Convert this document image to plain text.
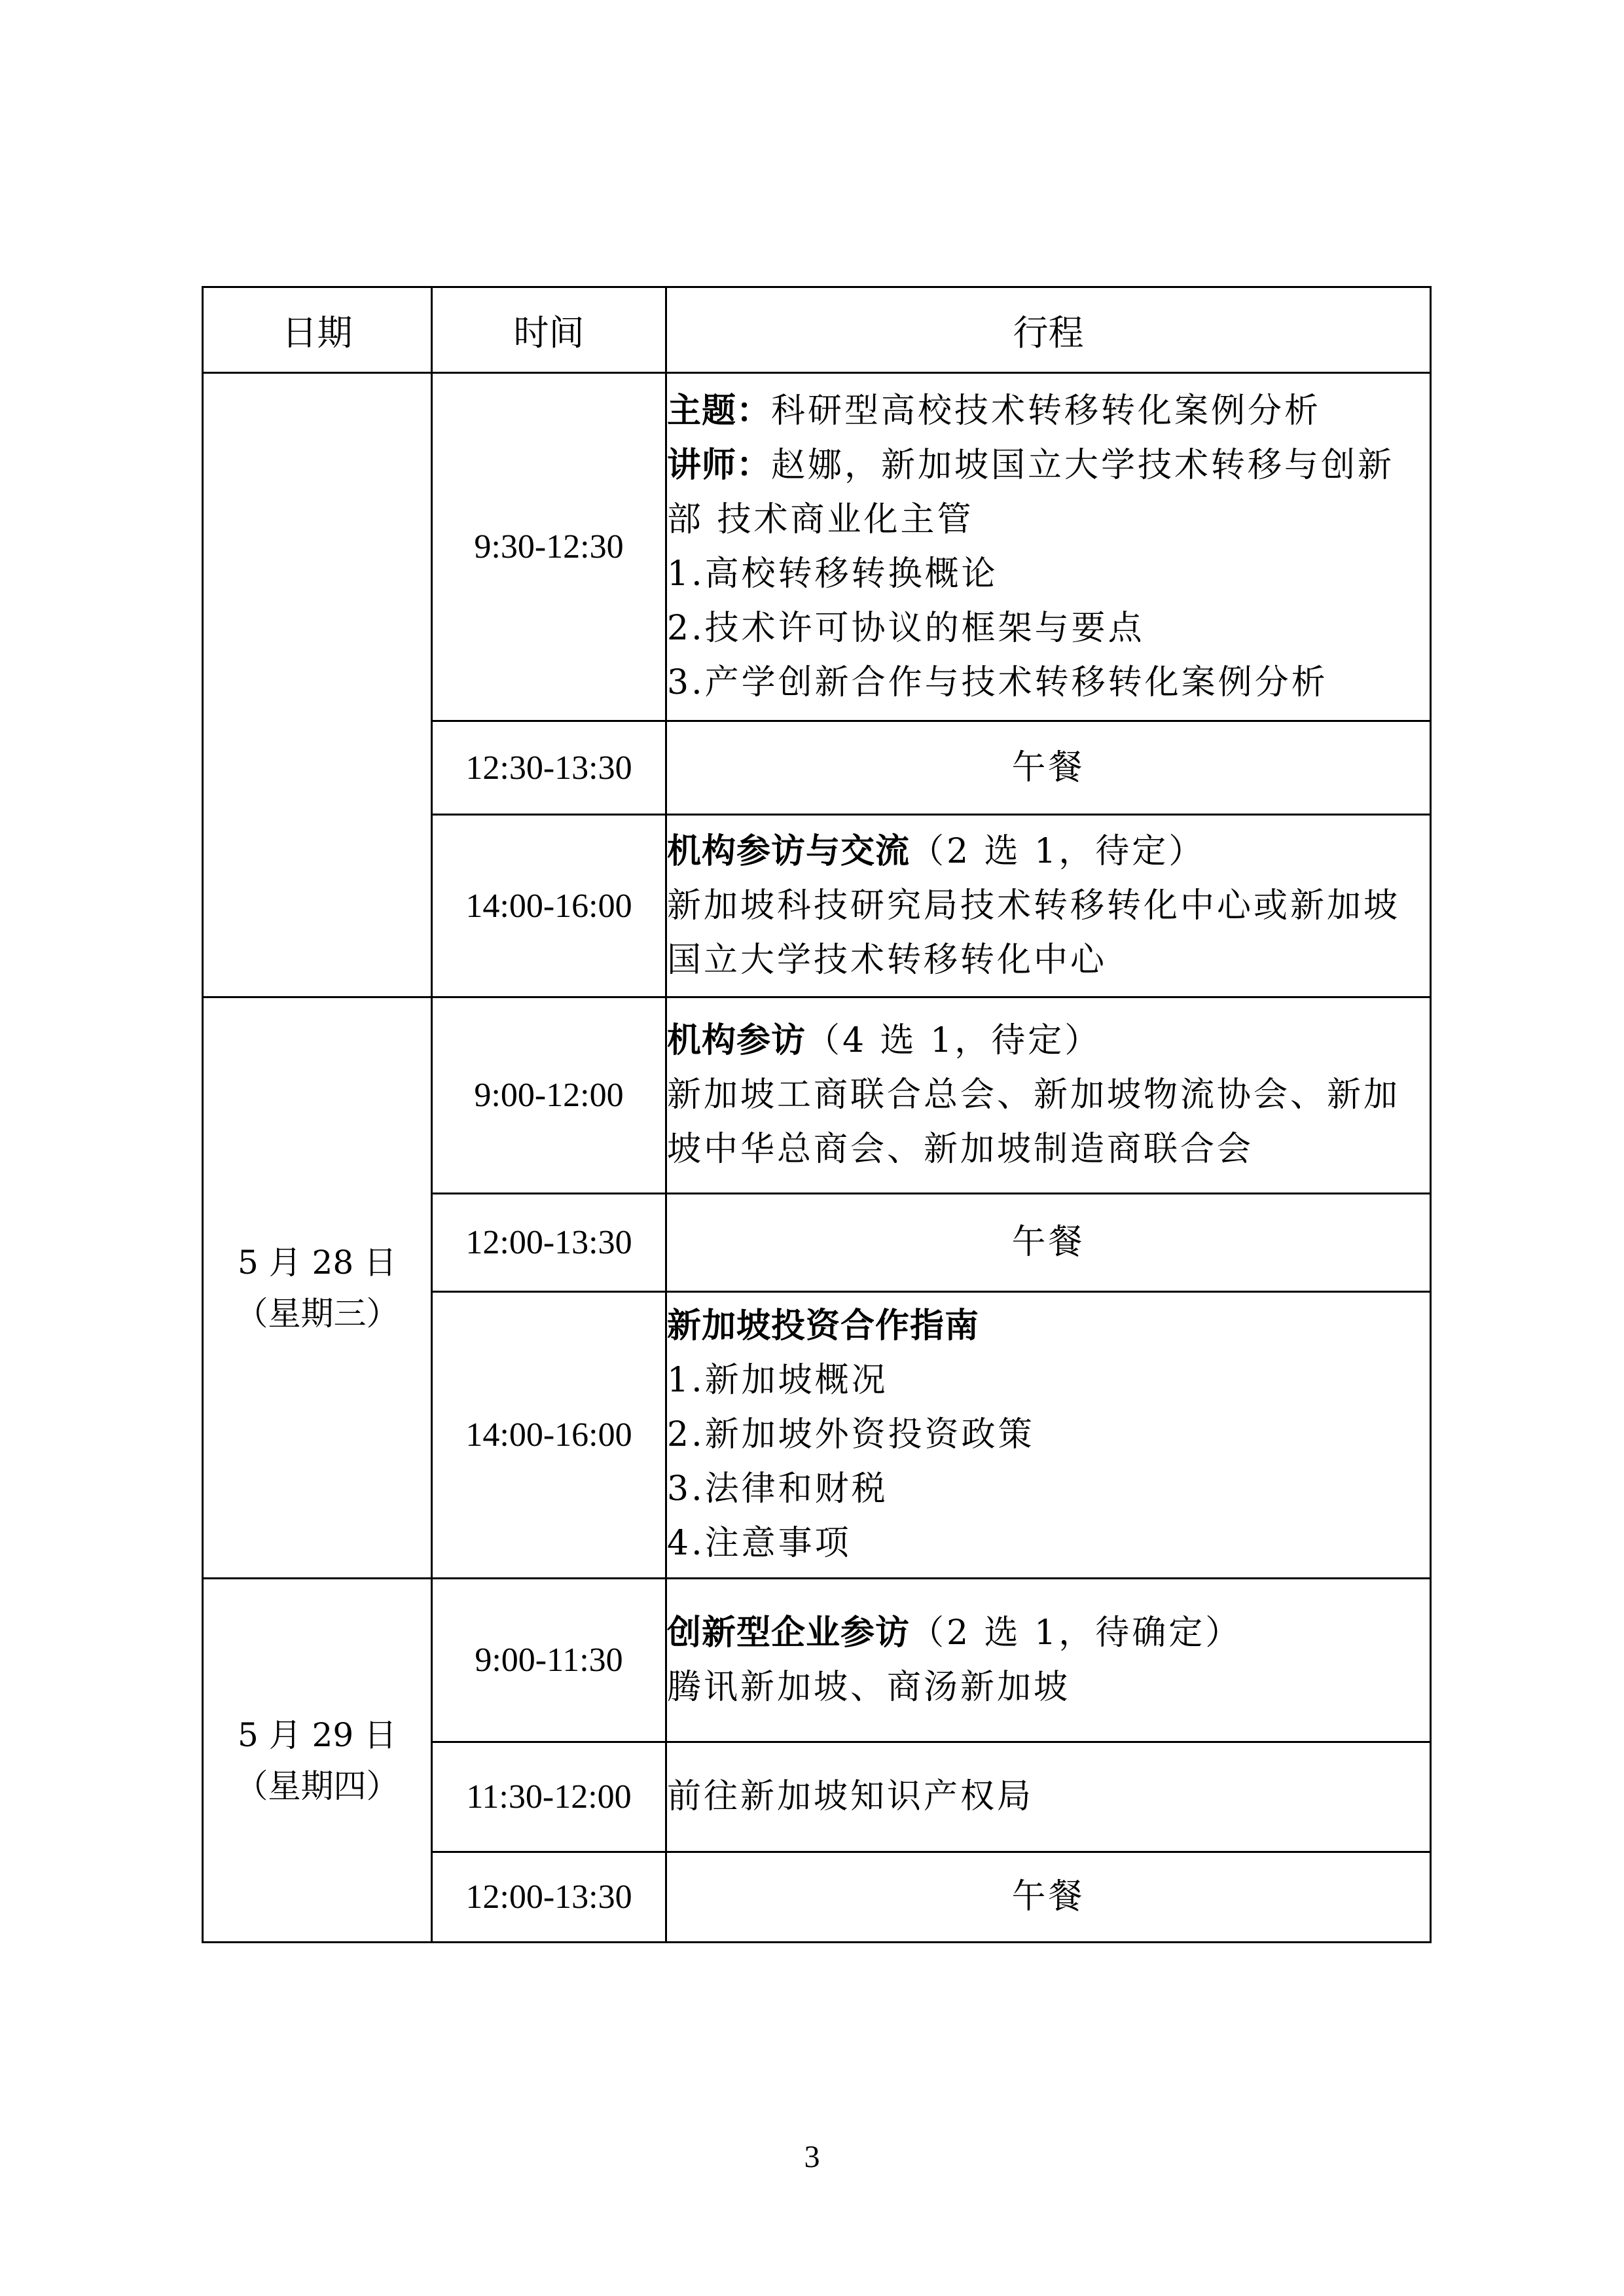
日期	时间	行程
	9:30-12:30	主题：科研型高校技术转移转化案例分析
讲师：赵娜，新加坡国立大学技术转移与创新部 技术商业化主管
1.高校转移转换概论
2.技术许可协议的框架与要点
3.产学创新合作与技术转移转化案例分析

	12:30-13:30	午餐
	14:00-16:00	机构参访与交流（2 选 1，待定）
新加坡科技研究局技术转移转化中心或新加坡国立大学技术转移转化中心

5 月 28 日
（星期三）	9:00-12:00	机构参访（4 选 1，待定）
新加坡工商联合总会、新加坡物流协会、新加坡中华总商会、新加坡制造商联合会

	12:00-13:30	午餐
	14:00-16:00	新加坡投资合作指南
1.新加坡概况
2.新加坡外资投资政策
3.法律和财税
4.注意事项

5 月 29 日
（星期四）	9:00-11:30	创新型企业参访（2 选 1，待确定）
腾讯新加坡、商汤新加坡

	11:30-12:00	前往新加坡知识产权局
	12:00-13:30	午餐
3
